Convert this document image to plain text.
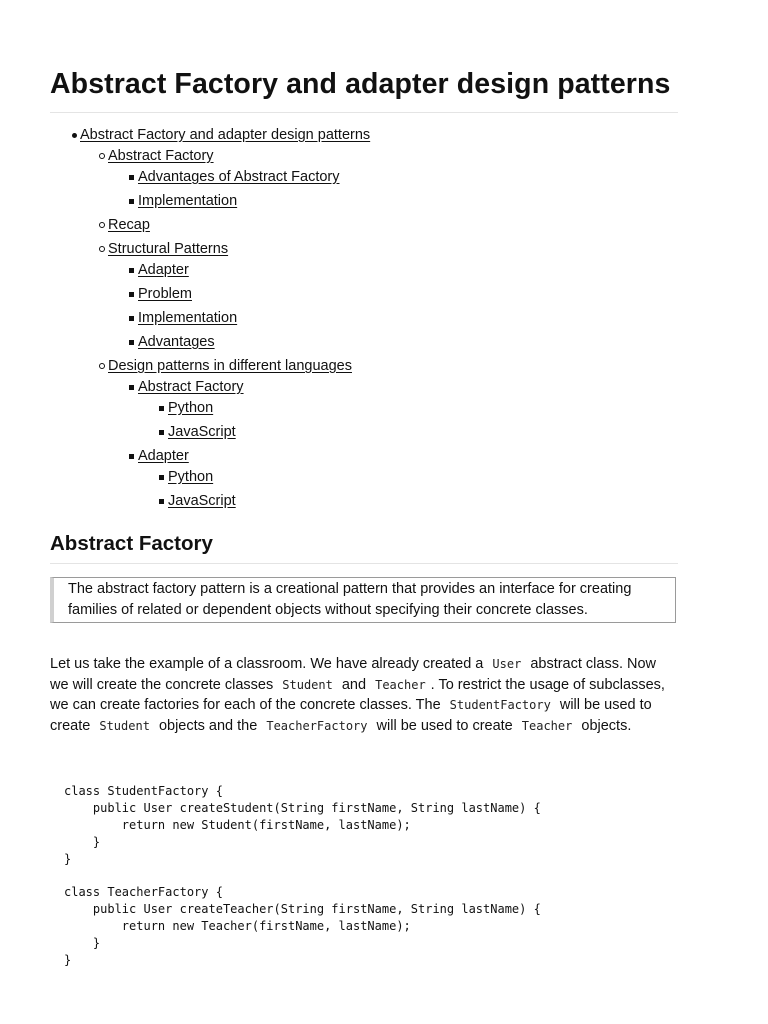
Abstract Factory and adapter design patterns
Abstract Factory and adapter design patterns
Abstract Factory
Advantages of Abstract Factory
Implementation
Recap
Structural Patterns
Adapter
Problem
Implementation
Advantages
Design patterns in different languages
Abstract Factory
Python
JavaScript
Adapter
Python
JavaScript
Abstract Factory
The abstract factory pattern is a creational pattern that provides an interface for creating families of related or dependent objects without specifying their concrete classes.

Let us take the example of a classroom. We have already created a User abstract class. Now we will create the concrete classes Student and Teacher . To restrict the usage of subclasses, we can create factories for each of the concrete classes. The StudentFactory will be used to create Student objects and the TeacherFactory will be used to create Teacher objects.

class StudentFactory {
public User createStudent(String firstName, String lastName) {
return new Student(firstName, lastName);
}
}

class TeacherFactory {
public User createTeacher(String firstName, String lastName) {
return new Teacher(firstName, lastName);
}
}
